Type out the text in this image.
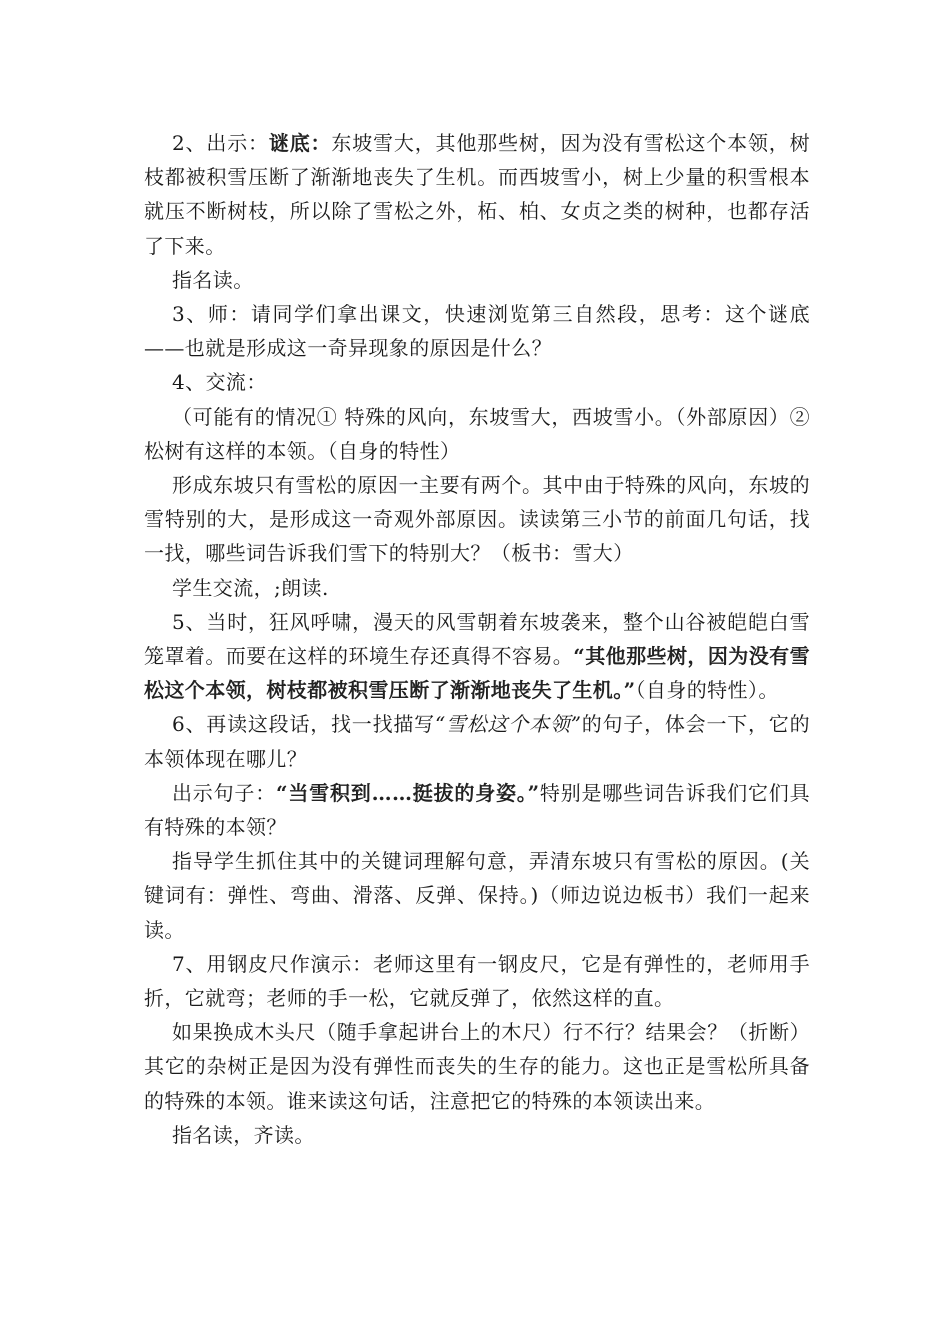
2、出示：谜底：东坡雪大，其他那些树，因为没有雪松这个本领，树枝都被积雪压断了渐渐地丧失了生机。而西坡雪小，树上少量的积雪根本就压不断树枝，所以除了雪松之外，柘、柏、女贞之类的树种，也都存活了下来。

指名读。

3、师：请同学们拿出课文，快速浏览第三自然段，思考：这个谜底——也就是形成这一奇异现象的原因是什么？

4、交流：

（可能有的情况① 特殊的风向，东坡雪大，西坡雪小。（外部原因）②松树有这样的本领。（自身的特性）

形成东坡只有雪松的原因一主要有两个。其中由于特殊的风向，东坡的雪特别的大，是形成这一奇观外部原因。读读第三小节的前面几句话，找一找，哪些词告诉我们雪下的特别大？（板书：雪大）

学生交流，;朗读.

5、当时，狂风呼啸，漫天的风雪朝着东坡袭来，整个山谷被皑皑白雪笼罩着。而要在这样的环境生存还真得不容易。“其他那些树，因为没有雪松这个本领，树枝都被积雪压断了渐渐地丧失了生机。”（自身的特性）。

6、再读这段话，找一找描写“雪松这个本领”的句子，体会一下，它的本领体现在哪儿？

出示句子：“当雪积到……挺拔的身姿。”特别是哪些词告诉我们它们具有特殊的本领？

指导学生抓住其中的关键词理解句意，弄清东坡只有雪松的原因。(关键词有：弹性、弯曲、滑落、反弹、保持。)（师边说边板书）我们一起来读。

7、用钢皮尺作演示：老师这里有一钢皮尺，它是有弹性的，老师用手折，它就弯；老师的手一松，它就反弹了，依然这样的直。

如果换成木头尺（随手拿起讲台上的木尺）行不行？结果会？（折断）其它的杂树正是因为没有弹性而丧失的生存的能力。这也正是雪松所具备的特殊的本领。谁来读这句话，注意把它的特殊的本领读出来。

指名读，齐读。
